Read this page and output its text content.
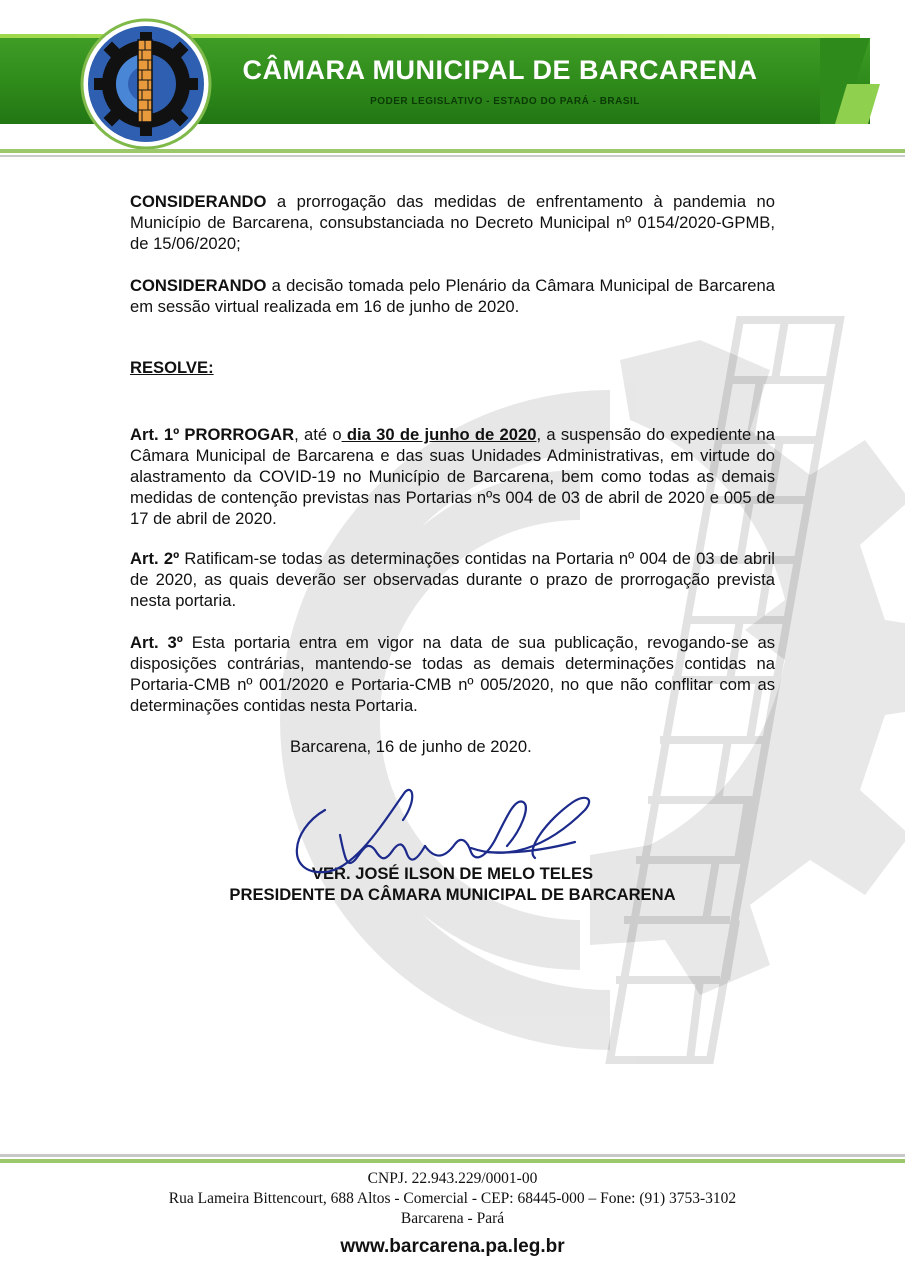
CÂMARA MUNICIPAL DE BARCARENA
PODER LEGISLATIVO - ESTADO DO PARÁ - BRASIL
CONSIDERANDO a prorrogação das medidas de enfrentamento à pandemia no Município de Barcarena, consubstanciada no Decreto Municipal nº 0154/2020-GPMB, de 15/06/2020;
CONSIDERANDO a decisão tomada pelo Plenário da Câmara Municipal de Barcarena em sessão virtual realizada em 16 de junho de 2020.
RESOLVE:
Art. 1º PRORROGAR, até o dia 30 de junho de 2020, a suspensão do expediente na Câmara Municipal de Barcarena e das suas Unidades Administrativas, em virtude do alastramento da COVID-19 no Município de Barcarena, bem como todas as demais medidas de contenção previstas nas Portarias nºs 004 de 03 de abril de 2020 e 005 de 17 de abril de 2020.
Art. 2º Ratificam-se todas as determinações contidas na Portaria nº 004 de 03 de abril de 2020, as quais deverão ser observadas durante o prazo de prorrogação prevista nesta portaria.
Art. 3º Esta portaria entra em vigor na data de sua publicação, revogando-se as disposições contrárias, mantendo-se todas as demais determinações contidas na Portaria-CMB nº 001/2020 e Portaria-CMB nº 005/2020, no que não conflitar com as determinações contidas nesta Portaria.
Barcarena, 16 de junho de 2020.
VER. JOSÉ ILSON DE MELO TELES
PRESIDENTE DA CÂMARA MUNICIPAL DE BARCARENA
CNPJ. 22.943.229/0001-00
Rua Lameira Bittencourt, 688 Altos - Comercial - CEP: 68445-000 – Fone: (91) 3753-3102
Barcarena - Pará
www.barcarena.pa.leg.br
